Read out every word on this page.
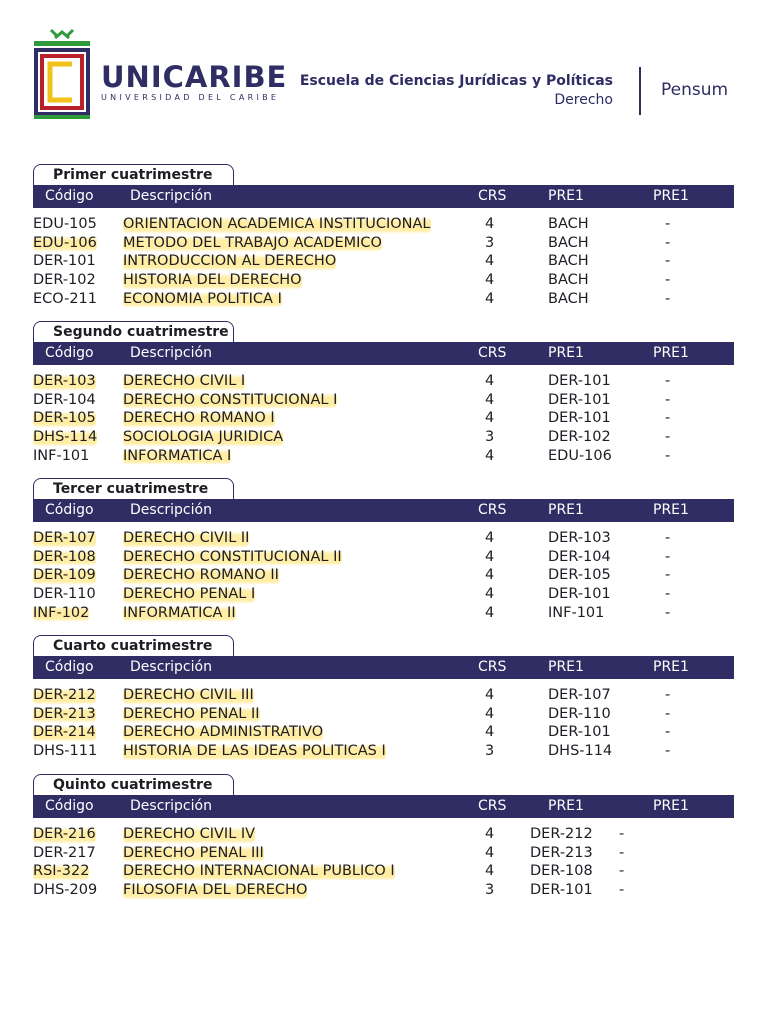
UNICARIBE
UNIVERSIDAD DEL CARIBE
Escuela de Ciencias Jurídicas y Políticas
Derecho	Pensum
Primer cuatrimestre
Código	Descripción	CRS	PRE1	PRE1
EDU-105 ORIENTACION ACADEMICA INSTITUCIONAL	4	BACH	-
EDU-106 METODO DEL TRABAJO ACADEMICO	3	BACH	-
DER-101 INTRODUCCION AL DERECHO	4	BACH	-
DER-102 HISTORIA DEL DERECHO	4	BACH	-
ECO-211 ECONOMIA POLITICA I	4	BACH	-
Segundo cuatrimestre
Código	Descripción	CRS	PRE1	PRE1
DER-103 DERECHO CIVIL I	4	DER-101	-
DER-104 DERECHO CONSTITUCIONAL I	4	DER-101	-
DER-105 DERECHO ROMANO I	4	DER-101	-
DHS-114 SOCIOLOGIA JURIDICA	3	DER-102	-
INF-101 INFORMATICA I	4	EDU-106	-
Tercer cuatrimestre
Código	Descripción	CRS	PRE1	PRE1
DER-107 DERECHO CIVIL II	4	DER-103	-
DER-108 DERECHO CONSTITUCIONAL II	4	DER-104	-
DER-109 DERECHO ROMANO II	4	DER-105	-
DER-110 DERECHO PENAL I	4	DER-101	-
INF-102 INFORMATICA II	4	INF-101	-
Cuarto cuatrimestre
Código	Descripción	CRS	PRE1	PRE1
DER-212 DERECHO CIVIL III	4	DER-107	-
DER-213 DERECHO PENAL II	4	DER-110	-
DER-214 DERECHO ADMINISTRATIVO	4	DER-101	-
DHS-111 HISTORIA DE LAS IDEAS POLITICAS I	3	DHS-114	-
Quinto cuatrimestre
Código	Descripción	CRS	PRE1	PRE1
DER-216 DERECHO CIVIL IV	4 DER-212 -
DER-217 DERECHO PENAL III	4 DER-213 -
RSI-322 DERECHO INTERNACIONAL PUBLICO I	4 DER-108 -
DHS-209 FILOSOFIA DEL DERECHO	3 DER-101 -
